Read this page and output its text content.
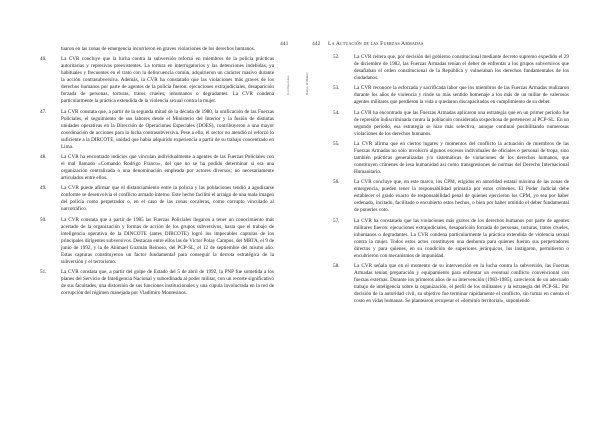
441
Conclusiones

tuaron en las zonas de emergencia incurrieron en graves violaciones de los derechos humanos.

46.	La CVR concluye que la lucha contra la subversión reforzó en miembros de la policía prácticas autoritarias y represivas preexistentes. La tortura en interrogatorios y las detenciones indebidas, ya habituales y frecuentes en el trato con la delincuencia común, adquirieron un carácter masivo durante la acción contrasubversiva. Además, la CVR ha constatado que las violaciones más graves de los derechos humanos por parte de agentes de la policía fueron: ejecuciones extrajudiciales, desaparición forzada de personas, torturas, tratos crueles, inhumanos o degradantes. La CVR condena particularmente la práctica extendida de la violencia sexual contra la mujer.

47.	La CVR constata que, a partir de la segunda mitad de la década de 1980, la unificación de las Fuerzas Policiales, el seguimiento de sus labores desde el Ministerio del Interior y la fusión de distintas unidades operativas en la Dirección de Operaciones Especiales (DOES), contribuyeron a una mayor coordinación de acciones para la lucha contrasubversiva. Pese a ello, el sector no atendió ni reforzó lo suficiente a la DIRCOTE, unidad que había adquirido experiencia a partir de su trabajo concentrado en Lima.

48.	La CVR ha encontrado indicios que vinculan individualmente a agentes de las Fuerzas Policiales con el mal llamado «Comando Rodrigo Franco», del que no se ha podido determinar si era una organización centralizada o una denominación empleada por actores diversos; no necesariamente articulados entre ellos.

49.	La CVR puede afirmar que el distanciamiento entre la policía y las poblaciones tendió a agudizarse conforme se desenvolvía el conflicto armado interno. Este hecho facilitó el arraigo de una mala imagen del policía como perpetrador o, en el caso de las zonas cocaleras, como corrupto vinculado al narcotráfico.

50.	La CVR constata que a partir de 1985 las Fuerzas Policiales llegaron a tener un conocimiento más acertado de la organización y formas de acción de los grupos subversivos, hasta que el trabajo de inteligencia operativa de la DINCOTE (antes DIRCOTE) logró los impecables capturas de los principales dirigentes subversivos. Destacan entre ellos las de Víctor Polay Campos, del MRTA, el 9 de junio de 1992, y la de Abimael Guzmán Reinoso, del PCP-SL, el 12 de septiembre del mismo año. Estas capturas constituyeron un factor fundamental para conseguir la derrota estratégica de la subversión y el terrorismo.

51.	La CVR constata que, a partir del golpe de Estado del 5 de abril de 1992, la PNP fue sometida a los planes del Servicio de Inteligencia Nacional y subordinada al poder militar, con un recorte significativo de sus facultades, una distorsión de sus funciones institucionales y una cúpula involucrada en la red de corrupción del régimen manejada por Vladimiro Montesinos.

442 La Actuación de las Fuerzas Armadas
Hatun Willakuy

52.	La CVR reitera que, por decisión del gobierno constitucional mediante decreto supremo expedido el 29 de diciembre de 1982, las Fuerzas Armadas tenían el deber de enfrentar a los grupos subversivos que desafiaban el orden constitucional de la República y vulneraban los derechos fundamentales de los ciudadanos.

53.	La CVR reconoce la esforzada y sacrificada labor que los miembros de las Fuerzas Armadas realizaron durante los años de violencia y rinde su más sentido homenaje a los más de un millar de valerosos agentes militares que perdieron la vida o quedaron discapacitados en cumplimiento de su deber.

54.	La CVR ha encontrado que las Fuerzas Armadas aplicaron una estrategia que en un primer período fue de represión indiscriminada contra la población considerada sospechosa de pertenecer al PCP-SL. En un segundo período, esa estrategia se hizo más selectiva, aunque continuó posibilitando numerosas violaciones de los derechos humanos.

55.	La CVR afirma que en ciertos lugares y momentos del conflicto la actuación de miembros de las Fuerzas Armadas no sólo involucró algunos excesos individuales de oficiales o personal de tropa, sino también prácticas generalizadas y/o sistemáticas de violaciones de los derechos humanos, que constituyen crímenes de lesa humanidad así como transgresiones de normas del Derecho Internacional Humanitario.

56.	La CVR concluye que, en este marco, los CPM, erigidos en autoridad estatal máxima de las zonas de emergencia, pueden tener la responsabilidad primaria por estos crímenes. El Poder Judicial debe establecer el grado exacto de responsabilidad penal de quienes ejercieron los CPM, yo sea por haber ordenado, incitado, facilitado o encubierto estos hechos, o bien por haber omitido el deber fundamental de ponerles coto.

57.	La CVR ha constatado que las violaciones más graves de los derechos humanos por parte de agentes militares fueron: ejecuciones extrajudiciales, desaparición forzada de personas, torturas, tratos crueles, inhumanos o degradantes. La CVR condena particularmente la práctica extendida de violencia sexual contra la mujer. Todos estos actos constituyen una deshonra para quienes fueron sus perpetradores directos y para quienes, en su condición de superiores jerárquicos, los instigaron, permitieron o encubrieron con mecanismos de impunidad.

58.	La CVR señala que en el momento de su intervención en la lucha contra la subversión, las Fuerzas Armadas tenían preparación y equipamiento para enfrentar un eventual conflicto convencional con fuerzas externas. Durante los primeros años de su intervención (1983-1985), carecieron de un adecuado trabajo de inteligencia sobre la organización, el perfil de los militantes y la estrategia del PCP-SL. Por decisión de la autoridad civil, su objetivo fue terminar rápidamente el conflicto, sin tomar en cuenta el costo en vidas humanas. Se plantearon recuperar el «dominio territorial», suponiendo
